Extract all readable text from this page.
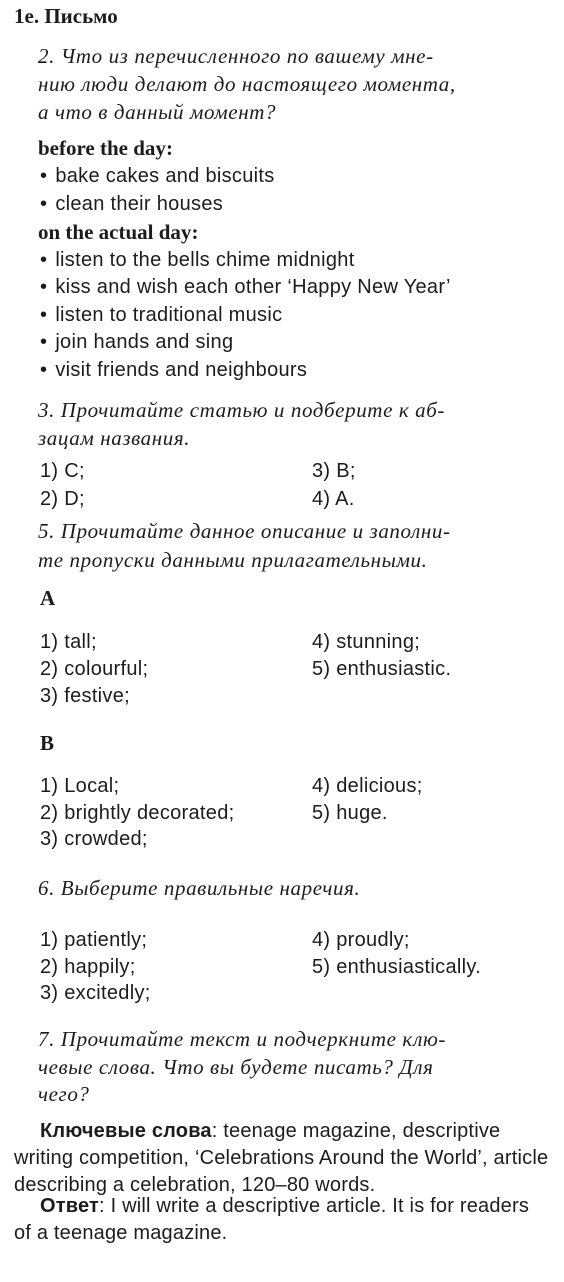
1e. Письмо
2. Что из перечисленного по вашему мне-
нию люди делают до настоящего момента,
а что в данный момент?
before the day:
• bake cakes and biscuits
• clean their houses
on the actual day:
• listen to the bells chime midnight
• kiss and wish each other ‘Happy New Year’
• listen to traditional music
• join hands and sing
• visit friends and neighbours
3. Прочитайте статью и подберите к аб-
зацам названия.
1) C;
2) D;
3) B;
4) A.
5. Прочитайте данное описание и заполни-
те пропуски данными прилагательными.
A
1) tall;
2) colourful;
3) festive;
4) stunning;
5) enthusiastic.
B
1) Local;
2) brightly decorated;
3) crowded;
4) delicious;
5) huge.
6. Выберите правильные наречия.
1) patiently;
2) happily;
3) excitedly;
4) proudly;
5) enthusiastically.
7. Прочитайте текст и подчеркните клю-
чевые слова. Что вы будете писать? Для
чего?
Ключевые слова: teenage magazine, descriptive writing competition, ‘Celebrations Around the World’, article describing a celebration, 120–80 words.
Ответ: I will write a descriptive article. It is for readers of a teenage magazine.
